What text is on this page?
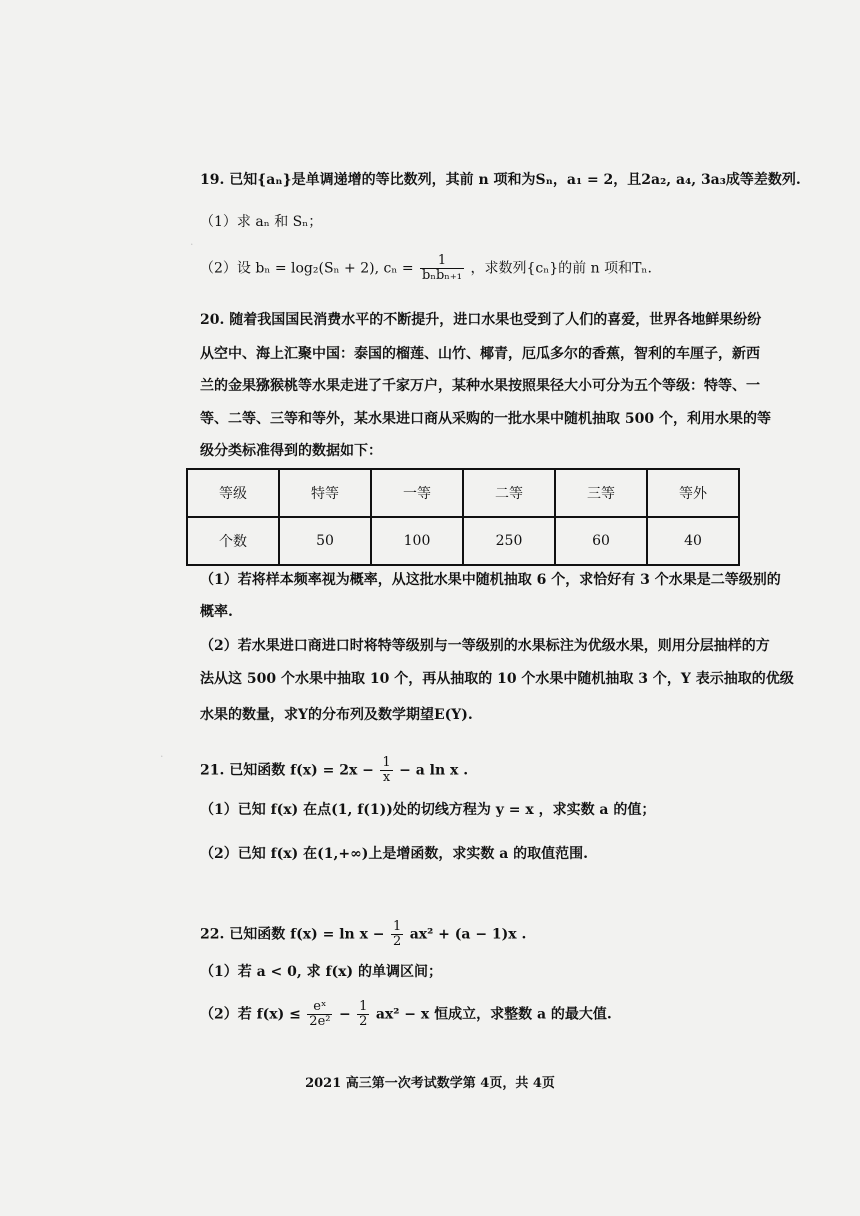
19. 已知{aₙ}是单调递增的等比数列，其前 n 项和为Sₙ，a₁ = 2，且2a₂, a₄, 3a₃成等差数列.
（1）求 aₙ 和 Sₙ；
（2）设 bₙ = log₂(Sₙ + 2), $c_n = \frac{1}{\text{bₙbₙ₊₁}}$ ，求数列{cₙ}的前 n 项和Tₙ.
20. 随着我国国民消费水平的不断提升，进口水果也受到了人们的喜爱，世界各地鲜果纷纷
从空中、海上汇聚中国：泰国的榴莲、山竹、椰青，厄瓜多尔的香蕉，智利的车厘子，新西
兰的金果猕猴桃等水果走进了千家万户，某种水果按照果径大小可分为五个等级：特等、一
等、二等、三等和等外，某水果进口商从采购的一批水果中随机抽取 500 个，利用水果的等
级分类标准得到的数据如下：
等级	特等	一等	二等	三等	等外
个数	50	100	250	60	40
（1）若将样本频率视为概率，从这批水果中随机抽取 6 个，求恰好有 3 个水果是二等级别的
概率.
（2）若水果进口商进口时将特等级别与一等级别的水果标注为优级水果，则用分层抽样的方
法从这 500 个水果中抽取 10 个，再从抽取的 10 个水果中随机抽取 3 个，Y 表示抽取的优级
水果的数量，求Y的分布列及数学期望E(Y).
21. 已知函数 $f(x) = 2x - \frac{1}{x} - a$ ln x .
（1）已知 f(x) 在点(1, f(1))处的切线方程为 y = x ，求实数 a 的值；
（2）已知 f(x) 在(1,+∞)上是增函数，求实数 a 的取值范围.
22. 已知函数 $f(x) = \ln x - \frac{1}{2} ax^2 + (a - 1)x$ .
（1）若 a < 0, 求 f(x) 的单调区间；
（2）若 $f(x) \le \frac{\text{eˣ}}{\text{2e²}} - \frac{1}{2} ax^2 - x$ 恒成立，求整数 a 的最大值.
2021 高三第一次考试数学第 4页，共 4页
·
·
